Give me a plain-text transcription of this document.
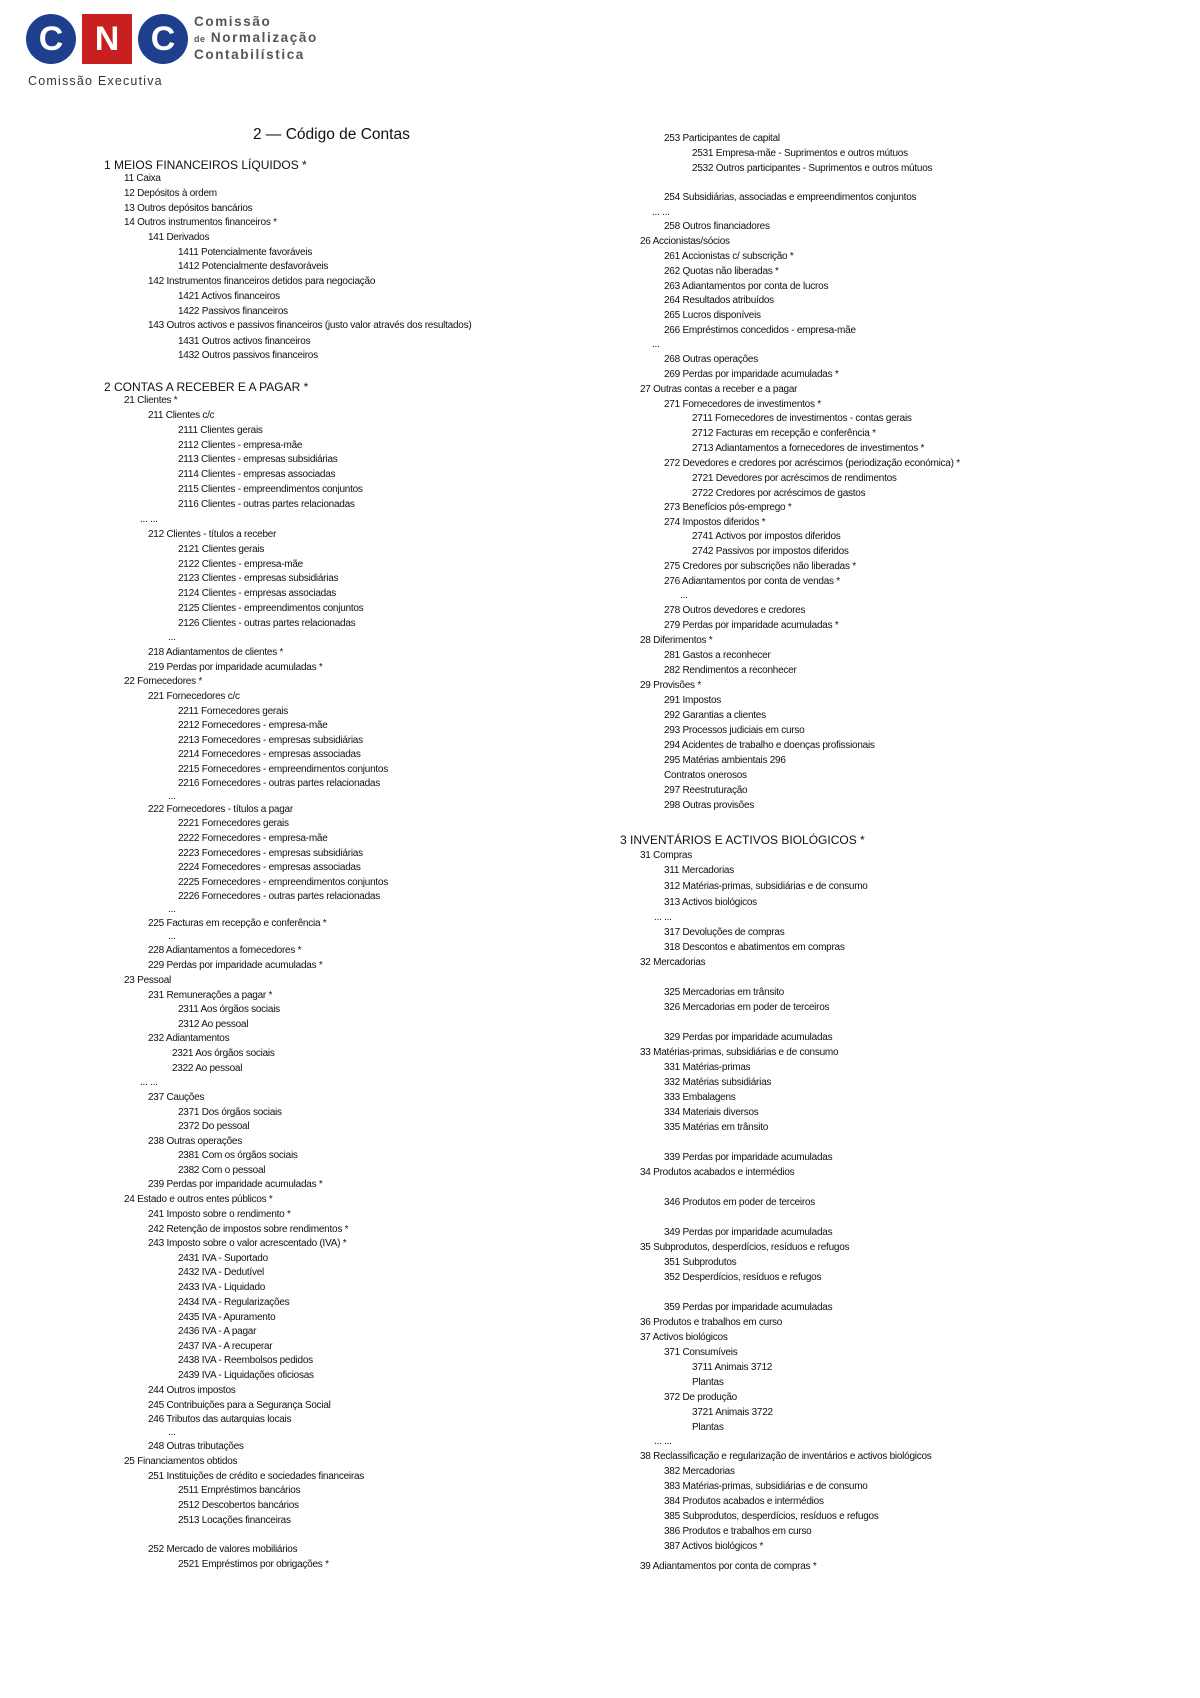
C N C	Comissão
de Normalização
Contabilística
Comissão Executiva
2 — Código de Contas
1 MEIOS FINANCEIROS LÍQUIDOS *
11 Caixa
12 Depósitos à ordem
13 Outros depósitos bancários
14 Outros instrumentos financeiros *
141 Derivados
1411 Potencialmente favoráveis
1412 Potencialmente desfavoráveis
142 Instrumentos financeiros detidos para negociação
1421 Activos financeiros
1422 Passivos financeiros
143 Outros activos e passivos financeiros (justo valor através dos resultados)
1431 Outros activos financeiros
1432 Outros passivos financeiros
2 CONTAS A RECEBER E A PAGAR *
21 Clientes *
211 Clientes c/c
2111 Clientes gerais
2112 Clientes - empresa-mãe
2113 Clientes - empresas subsidiárias
2114 Clientes - empresas associadas
2115 Clientes - empreendimentos conjuntos
2116 Clientes - outras partes relacionadas
... ...
212 Clientes - títulos a receber
2121 Clientes gerais
2122 Clientes - empresa-mãe
2123 Clientes - empresas subsidiárias
2124 Clientes - empresas associadas
2125 Clientes - empreendimentos conjuntos
2126 Clientes - outras partes relacionadas
...
218 Adiantamentos de clientes *
219 Perdas por imparidade acumuladas *
22 Fornecedores *
221 Fornecedores c/c
2211 Fornecedores gerais
2212 Fornecedores - empresa-mãe
2213 Fornecedores - empresas subsidiárias
2214 Fornecedores - empresas associadas
2215 Fornecedores - empreendimentos conjuntos
2216 Fornecedores - outras partes relacionadas
...
222 Fornecedores - títulos a pagar
2221 Fornecedores gerais
2222 Fornecedores - empresa-mãe
2223 Fornecedores - empresas subsidiárias
2224 Fornecedores - empresas associadas
2225 Fornecedores - empreendimentos conjuntos
2226 Fornecedores - outras partes relacionadas
...
225 Facturas em recepção e conferência *
...
228 Adiantamentos a fornecedores *
229 Perdas por imparidade acumuladas *
23 Pessoal
231 Remunerações a pagar *
2311 Aos órgãos sociais
2312 Ao pessoal
232 Adiantamentos
2321 Aos órgãos sociais
2322 Ao pessoal
... ...
237 Cauções
2371 Dos órgãos sociais
2372 Do pessoal
238 Outras operações
2381 Com os órgãos sociais
2382 Com o pessoal
239 Perdas por imparidade acumuladas *
24 Estado e outros entes públicos *
241 Imposto sobre o rendimento *
242 Retenção de impostos sobre rendimentos *
243 Imposto sobre o valor acrescentado (IVA) *
2431 IVA - Suportado
2432 IVA - Dedutível
2433 IVA - Liquidado
2434 IVA - Regularizações
2435 IVA - Apuramento
2436 IVA - A pagar
2437 IVA - A recuperar
2438 IVA - Reembolsos pedidos
2439 IVA - Liquidações oficiosas
244 Outros impostos
245 Contribuições para a Segurança Social
246 Tributos das autarquias locais
...
248 Outras tributações
25 Financiamentos obtidos
251 Instituições de crédito e sociedades financeiras
2511 Empréstimos bancários
2512 Descobertos bancários
2513 Locações financeiras
252 Mercado de valores mobiliários
2521 Empréstimos por obrigações *
253 Participantes de capital
2531 Empresa-mãe - Suprimentos e outros mútuos
2532 Outros participantes - Suprimentos e outros mútuos
254 Subsidiárias, associadas e empreendimentos conjuntos
... ...
258 Outros financiadores
26 Accionistas/sócios
261 Accionistas c/ subscrição *
262 Quotas não liberadas *
263 Adiantamentos por conta de lucros
264 Resultados atribuídos
265 Lucros disponíveis
266 Empréstimos concedidos - empresa-mãe
...
268 Outras operações
269 Perdas por imparidade acumuladas *
27 Outras contas a receber e a pagar
271 Fornecedores de investimentos *
2711 Fornecedores de investimentos - contas gerais
2712 Facturas em recepção e conferência *
2713 Adiantamentos a fornecedores de investimentos *
272 Devedores e credores por acréscimos (periodização económica) *
2721 Devedores por acréscimos de rendimentos
2722 Credores por acréscimos de gastos
273 Benefícios pós-emprego *
274 Impostos diferidos *
2741 Activos por impostos diferidos
2742 Passivos por impostos diferidos
275 Credores por subscrições não liberadas *
276 Adiantamentos por conta de vendas *
...
278 Outros devedores e credores
279 Perdas por imparidade acumuladas *
28 Diferimentos *
281 Gastos a reconhecer
282 Rendimentos a reconhecer
29 Provisões *
291 Impostos
292 Garantias a clientes
293 Processos judiciais em curso
294 Acidentes de trabalho e doenças profissionais
295 Matérias ambientais 296
Contratos onerosos
297 Reestruturação
298 Outras provisões
3 INVENTÁRIOS E ACTIVOS BIOLÓGICOS *
31 Compras
311 Mercadorias
312 Matérias-primas, subsidiárias e de consumo
313 Activos biológicos
... ...
317 Devoluções de compras
318 Descontos e abatimentos em compras
32 Mercadorias
325 Mercadorias em trânsito
326 Mercadorias em poder de terceiros
329 Perdas por imparidade acumuladas
33 Matérias-primas, subsidiárias e de consumo
331 Matérias-primas
332 Matérias subsidiárias
333 Embalagens
334 Materiais diversos
335 Matérias em trânsito
339 Perdas por imparidade acumuladas
34 Produtos acabados e intermédios
346 Produtos em poder de terceiros
349 Perdas por imparidade acumuladas
35 Subprodutos, desperdícios, resíduos e refugos
351 Subprodutos
352 Desperdícios, resíduos e refugos
359 Perdas por imparidade acumuladas
36 Produtos e trabalhos em curso
37 Activos biológicos
371 Consumíveis
3711 Animais 3712
Plantas
372 De produção
3721 Animais 3722
Plantas
... ...
38 Reclassificação e regularização de inventários e activos biológicos
382 Mercadorias
383 Matérias-primas, subsidiárias e de consumo
384 Produtos acabados e intermédios
385 Subprodutos, desperdícios, resíduos e refugos
386 Produtos e trabalhos em curso
387 Activos biológicos *
39 Adiantamentos por conta de compras *
